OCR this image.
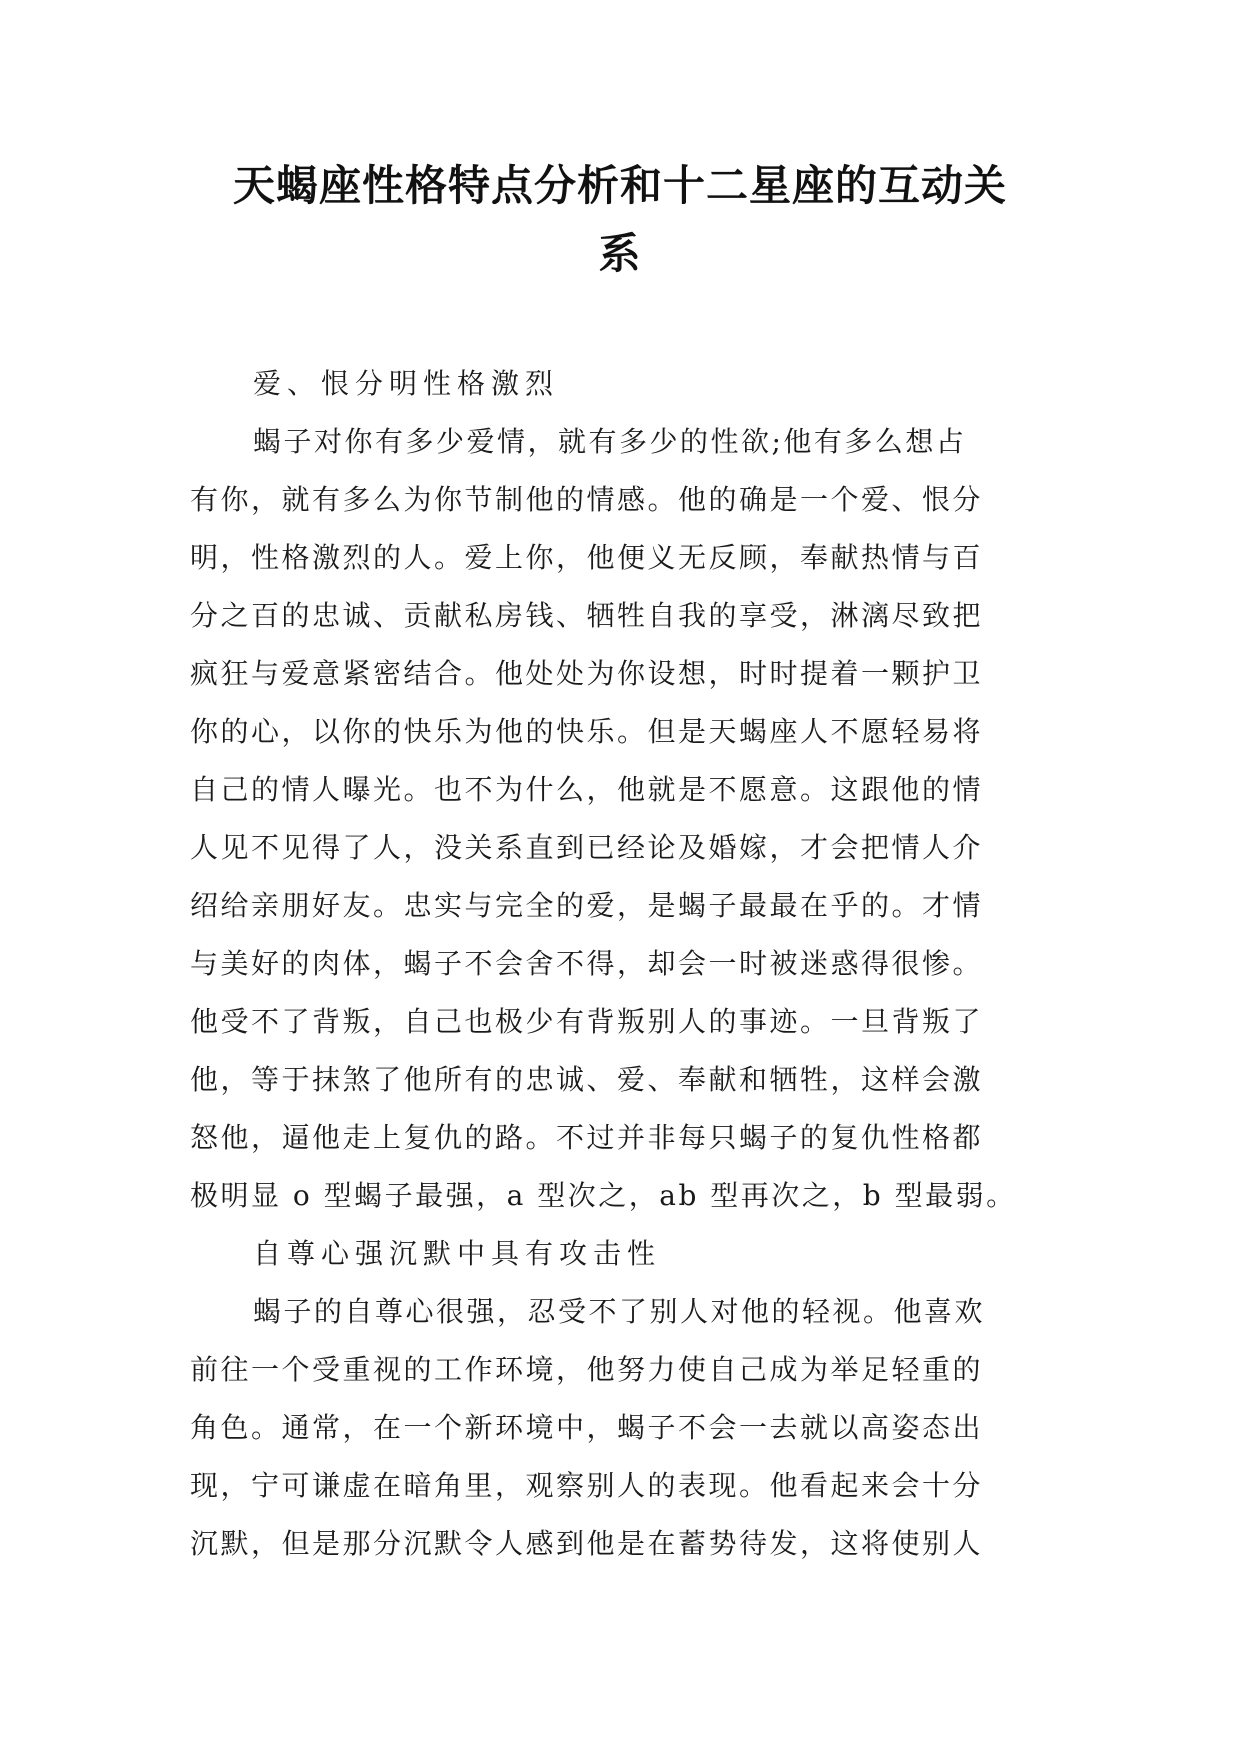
天蝎座性格特点分析和十二星座的互动关
系
爱、恨分明性格激烈
蝎子对你有多少爱情，就有多少的性欲;他有多么想占
有你，就有多么为你节制他的情感。他的确是一个爱、恨分
明，性格激烈的人。爱上你，他便义无反顾，奉献热情与百
分之百的忠诚、贡献私房钱、牺牲自我的享受，淋漓尽致把
疯狂与爱意紧密结合。他处处为你设想，时时提着一颗护卫
你的心，以你的快乐为他的快乐。但是天蝎座人不愿轻易将
自己的情人曝光。也不为什么，他就是不愿意。这跟他的情
人见不见得了人，没关系直到已经论及婚嫁，才会把情人介
绍给亲朋好友。忠实与完全的爱，是蝎子最最在乎的。才情
与美好的肉体，蝎子不会舍不得，却会一时被迷惑得很惨。
他受不了背叛，自己也极少有背叛别人的事迹。一旦背叛了
他，等于抹煞了他所有的忠诚、爱、奉献和牺牲，这样会激
怒他，逼他走上复仇的路。不过并非每只蝎子的复仇性格都
极明显 o 型蝎子最强，a 型次之，ab 型再次之，b 型最弱。
自尊心强沉默中具有攻击性
蝎子的自尊心很强，忍受不了别人对他的轻视。他喜欢
前往一个受重视的工作环境，他努力使自己成为举足轻重的
角色。通常，在一个新环境中，蝎子不会一去就以高姿态出
现，宁可谦虚在暗角里，观察别人的表现。他看起来会十分
沉默，但是那分沉默令人感到他是在蓄势待发，这将使别人
